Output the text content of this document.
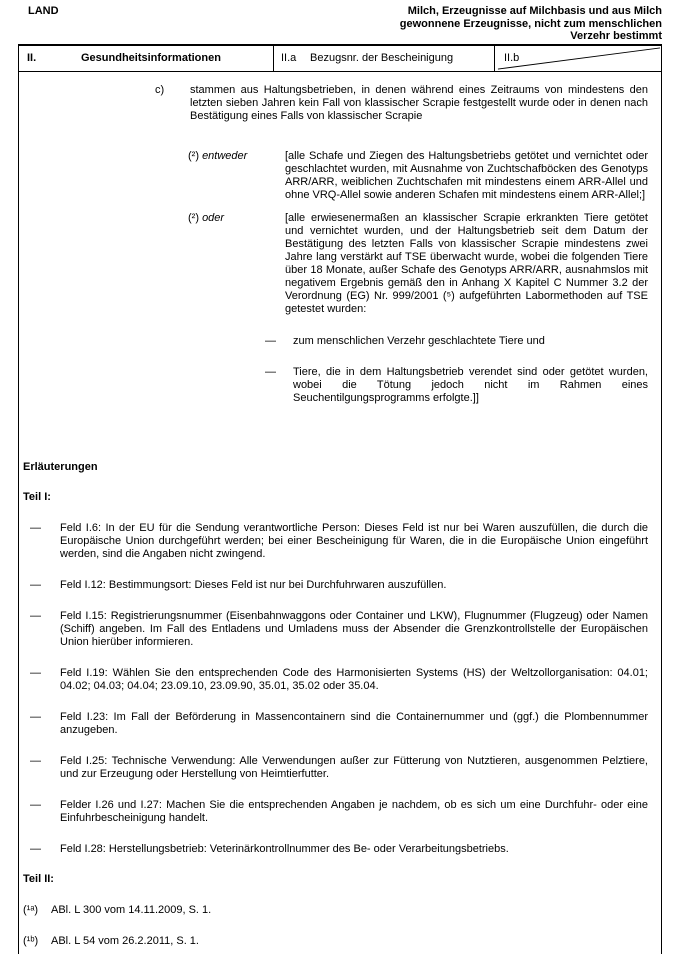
LAND	Milch, Erzeugnisse auf Milchbasis und aus Milch
gewonnene Erzeugnisse, nicht zum menschlichen
Verzehr bestimmt
II.	Gesundheitsinformationen	II.a	Bezugsnr. der Bescheinigung	II.b
c)	stammen aus Haltungsbetrieben, in denen während eines Zeitraums von mindestens den letzten sieben Jahren kein Fall von klassischer Scrapie festgestellt wurde oder in denen nach Bestätigung eines Falls von klassischer Scrapie
(²) entweder	[alle Schafe und Ziegen des Haltungsbetriebs getötet und vernichtet oder geschlachtet wurden, mit Ausnahme von Zuchtschafböcken des Genotyps ARR/ARR, weiblichen Zuchtschafen mit mindestens einem ARR-Allel und ohne VRQ-Allel sowie anderen Schafen mit mindestens einem ARR-Allel;]
(²) oder	[alle erwiesenermaßen an klassischer Scrapie erkrankten Tiere getötet und vernichtet wurden, und der Haltungsbetrieb seit dem Datum der Bestätigung des letzten Falls von klassischer Scrapie mindestens zwei Jahre lang verstärkt auf TSE überwacht wurde, wobei die folgenden Tiere über 18 Monate, außer Schafe des Genotyps ARR/ARR, ausnahmslos mit negativem Ergebnis gemäß den in Anhang X Kapitel C Nummer 3.2 der Verordnung (EG) Nr. 999/2001 (⁵) aufgeführten Labormethoden auf TSE getestet wurden:
—	zum menschlichen Verzehr geschlachtete Tiere und
—	Tiere, die in dem Haltungsbetrieb verendet sind oder getötet wurden, wobei die Tötung jedoch nicht im Rahmen eines Seuchentilgungsprogramms erfolgte.]]
Erläuterungen
Teil I:
—	Feld I.6: In der EU für die Sendung verantwortliche Person: Dieses Feld ist nur bei Waren auszufüllen, die durch die Europäische Union durchgeführt werden; bei einer Bescheinigung für Waren, die in die Europäische Union eingeführt werden, sind die Angaben nicht zwingend.
—	Feld I.12: Bestimmungsort: Dieses Feld ist nur bei Durchfuhrwaren auszufüllen.
—	Feld I.15: Registrierungsnummer (Eisenbahnwaggons oder Container und LKW), Flugnummer (Flugzeug) oder Namen (Schiff) angeben. Im Fall des Entladens und Umladens muss der Absender die Grenzkontrollstelle der Europäischen Union hierüber informieren.
—	Feld I.19: Wählen Sie den entsprechenden Code des Harmonisierten Systems (HS) der Weltzollorganisation: 04.01; 04.02; 04.03; 04.04; 23.09.10, 23.09.90, 35.01, 35.02 oder 35.04.
—	Feld I.23: Im Fall der Beförderung in Massencontainern sind die Containernummer und (ggf.) die Plombennummer anzugeben.
—	Feld I.25: Technische Verwendung: Alle Verwendungen außer zur Fütterung von Nutztieren, ausgenommen Pelztiere, und zur Erzeugung oder Herstellung von Heimtierfutter.
—	Felder I.26 und I.27: Machen Sie die entsprechenden Angaben je nachdem, ob es sich um eine Durchfuhr- oder eine Einfuhrbescheinigung handelt.
—	Feld I.28: Herstellungsbetrieb: Veterinärkontrollnummer des Be- oder Verarbeitungsbetriebs.
Teil II:
(¹ᵃ)	ABl. L 300 vom 14.11.2009, S. 1.
(¹ᵇ)	ABl. L 54 vom 26.2.2011, S. 1.
